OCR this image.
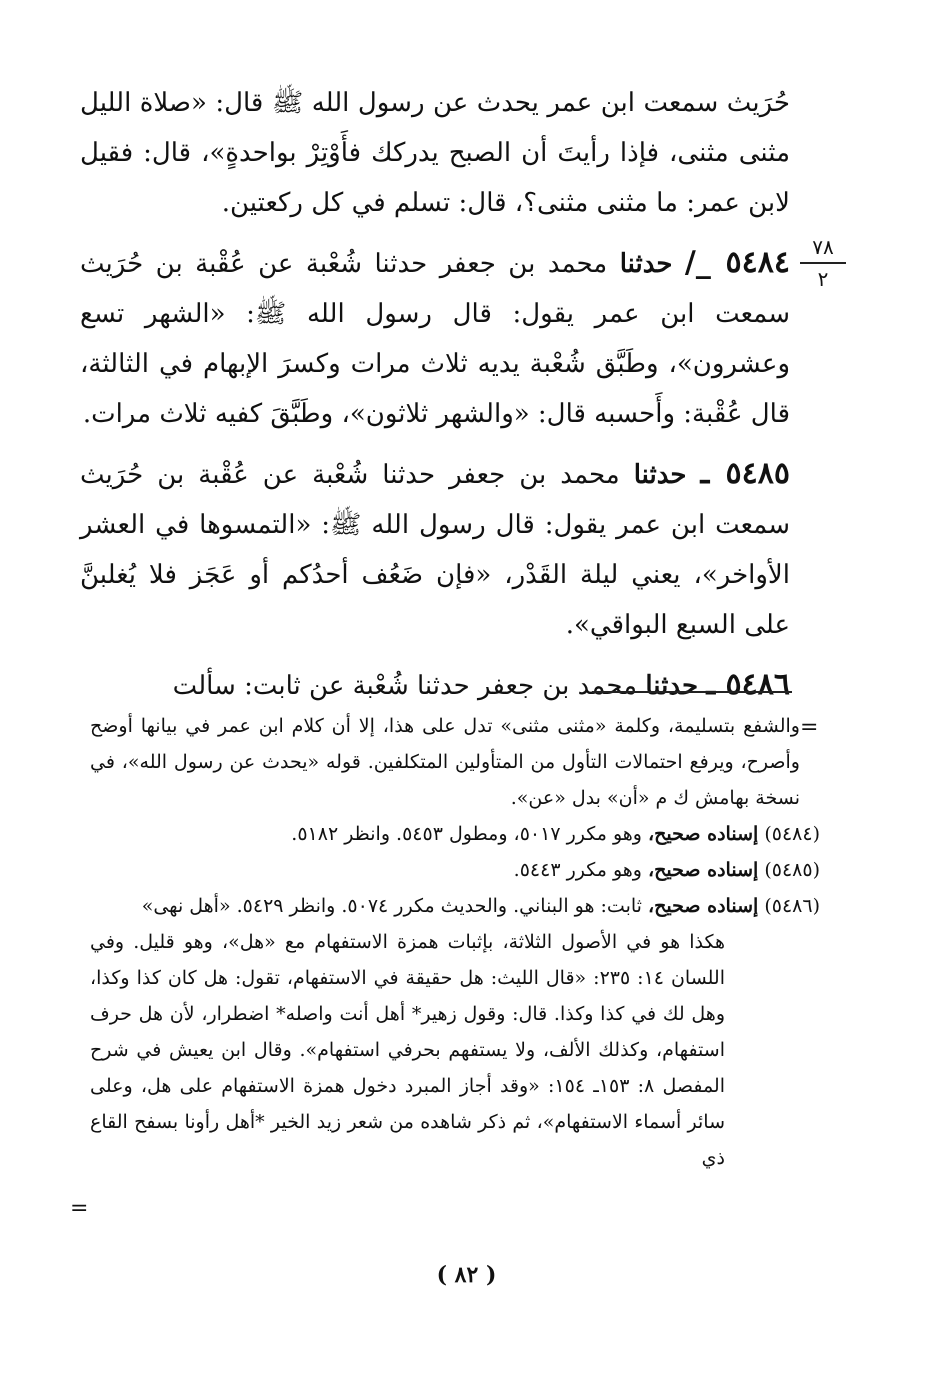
٧٨
٢

حُرَيث سمعت ابن عمر يحدث عن رسول الله ﷺ قال: «صلاة الليل مثنى مثنى، فإذا رأيتَ أن الصبح يدركك فأَوْتِرْ بواحدةٍ»، قال: فقيل لابن عمر: ما مثنى مثنى؟، قال: تسلم في كل ركعتين.

٥٤٨٤ _/ حدثنا محمد بن جعفر حدثنا شُعْبة عن عُقْبة بن حُرَيث سمعت ابن عمر يقول: قال رسول الله ﷺ: «الشهر تسع وعشرون»، وطَبَّق شُعْبة يديه ثلاث مرات وكسرَ الإبهام في الثالثة، قال عُقْبة: وأَحسبه قال: «والشهر ثلاثون»، وطَبَّقَ كفيه ثلاث مرات.

٥٤٨٥ ـ حدثنا محمد بن جعفر حدثنا شُعْبة عن عُقْبة بن حُرَيث سمعت ابن عمر يقول: قال رسول الله ﷺ: «التمسوها في العشر الأواخر»، يعني ليلة القَدْر، «فإن ضَعُف أحدُكم أو عَجَز فلا يُغلبنَّ على السبع البواقي».

٥٤٨٦ ـ حدثنا محمد بن جعفر حدثنا شُعْبة عن ثابت: سألت

=

والشفع بتسليمة، وكلمة «مثنى مثنى» تدل على هذا، إلا أن كلام ابن عمر في بيانها أوضح وأصرح، ويرفع احتمالات التأول من المتأولين المتكلفين. قوله «يحدث عن رسول الله»، في نسخة بهامش ك م «أن» بدل «عن».

(٥٤٨٤) إسناده صحيح، وهو مكرر ٥٠١٧، ومطول ٥٤٥٣. وانظر ٥١٨٢.

(٥٤٨٥) إسناده صحيح، وهو مكرر ٥٤٤٣.

(٥٤٨٦) إسناده صحيح، ثابت: هو البناني. والحديث مكرر ٥٠٧٤. وانظر ٥٤٢٩. «أهل نهى»

هكذا هو في الأصول الثلاثة، بإثبات همزة الاستفهام مع «هل»، وهو قليل. وفي اللسان ١٤: ٢٣٥: «قال الليث: هل حقيقة في الاستفهام، تقول: هل كان كذا وكذا، وهل لك في كذا وكذا. قال: وقول زهير* أهل أنت واصله* اضطرار، لأن هل حرف استفهام، وكذلك الألف، ولا يستفهم بحرفي استفهام». وقال ابن يعيش في شرح المفصل ٨: ١٥٣ـ ١٥٤: «وقد أجاز المبرد دخول همزة الاستفهام على هل، وعلى سائر أسماء الاستفهام»، ثم ذكر شاهده من شعر زيد الخير *أهل رأونا بسفح القاع ذي

=
( ٨٢ )
